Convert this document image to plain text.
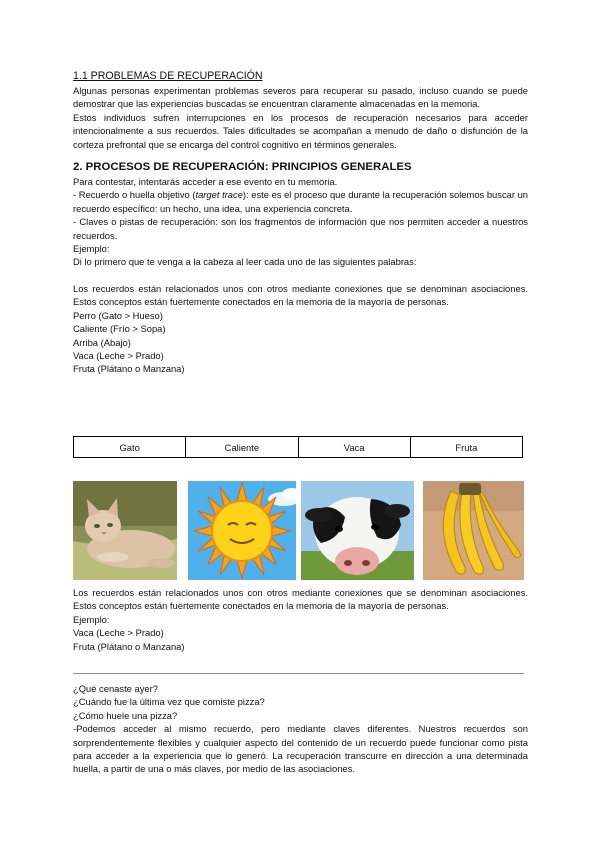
1.1 PROBLEMAS DE RECUPERACIÓN

Algunas personas experimentan problemas severos para recuperar su pasado, incluso cuando se puede demostrar que las experiencias buscadas se encuentran claramente almacenadas en la memoria.

Estos individuos sufren interrupciones en los procesos de recuperación necesarios para acceder intencionalmente a sus recuerdos. Tales dificultades se acompañan a menudo de daño o disfunción de la corteza prefrontal que se encarga del control cognitivo en términos generales.

2. PROCESOS DE RECUPERACIÓN: PRINCIPIOS GENERALES

Para contestar, intentarás acceder a ese evento en tu memoria.

- Recuerdo o huella objetivo (target trace): este es el proceso que durante la recuperación solemos buscar un recuerdo específico: un hecho, una idea, una experiencia concreta.

- Claves o pistas de recuperación: son los fragmentos de información que nos permiten acceder a nuestros recuerdos.

Ejemplo:

Di lo primero que te venga a la cabeza al leer cada uno de las siguientes palabras:

Los recuerdos están relacionados unos con otros mediante conexiones que se denominan asociaciones. Estos conceptos están fuertemente conectados en la memoria de la mayoría de personas.

Perro (Gato > Hueso)

Caliente (Frío > Sopa)

Arriba (Abajo)

Vaca (Leche > Prado)

Fruta (Plátano o Manzana)

Gato	Caliente	Vaca	Fruta

Los recuerdos están relacionados unos con otros mediante conexiones que se denominan asociaciones. Estos conceptos están fuertemente conectados en la memoria de la mayoría de personas.

Ejemplo:

Vaca (Leche > Prado)

Fruta (Plátano o Manzana)

¿Qué cenaste ayer?

¿Cuándo fue la última vez que comiste pizza?

¿Cómo huele una pizza?

-Podemos acceder al mismo recuerdo, pero mediante claves diferentes. Nuestros recuerdos son sorprendentemente flexibles y cualquier aspecto del contenido de un recuerdo puede funcionar como pista para acceder a la experiencia que lo generó. La recuperación transcurre en dirección a una determinada huella, a partir de una o más claves, por medio de las asociaciones.
